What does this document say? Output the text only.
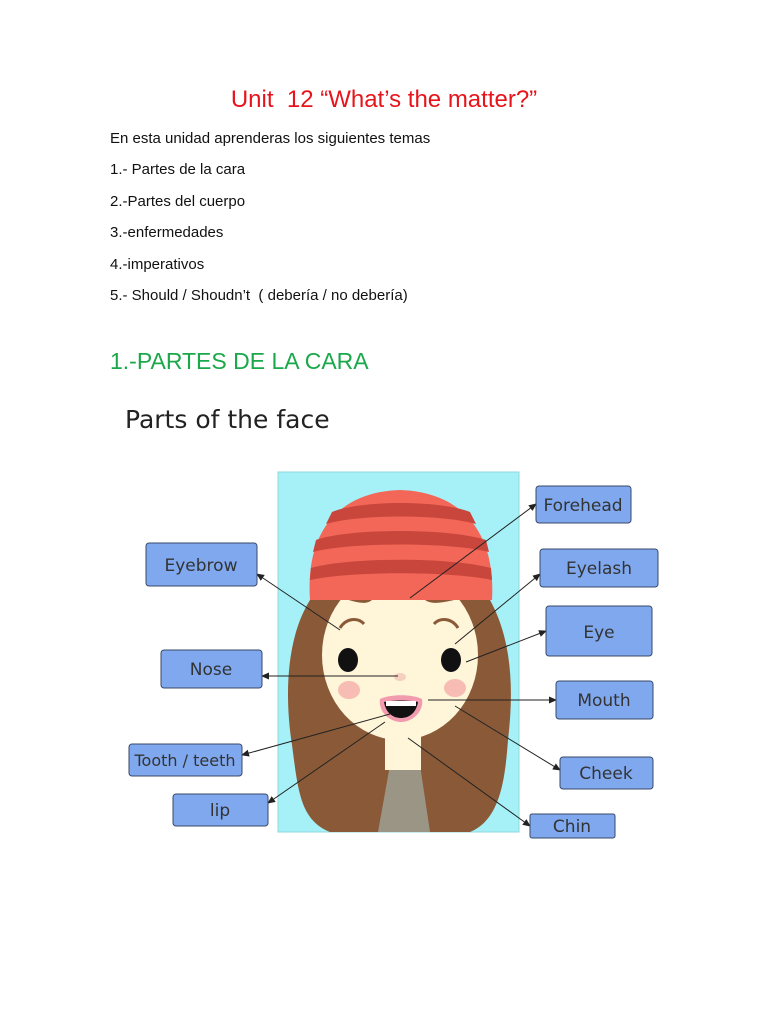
Unit  12 “What’s the matter?”
En esta unidad aprenderas los siguientes temas
1.- Partes de la cara
2.-Partes del cuerpo
3.-enfermedades
4.-imperativos
5.- Should / Shoudn’t  ( debería / no debería)
1.-PARTES DE LA CARA
Parts of the face
Forehead
Eyebrow	Eyelash
Eye
Nose
Mouth
Tooth / teeth
Cheek
lip
Chin
